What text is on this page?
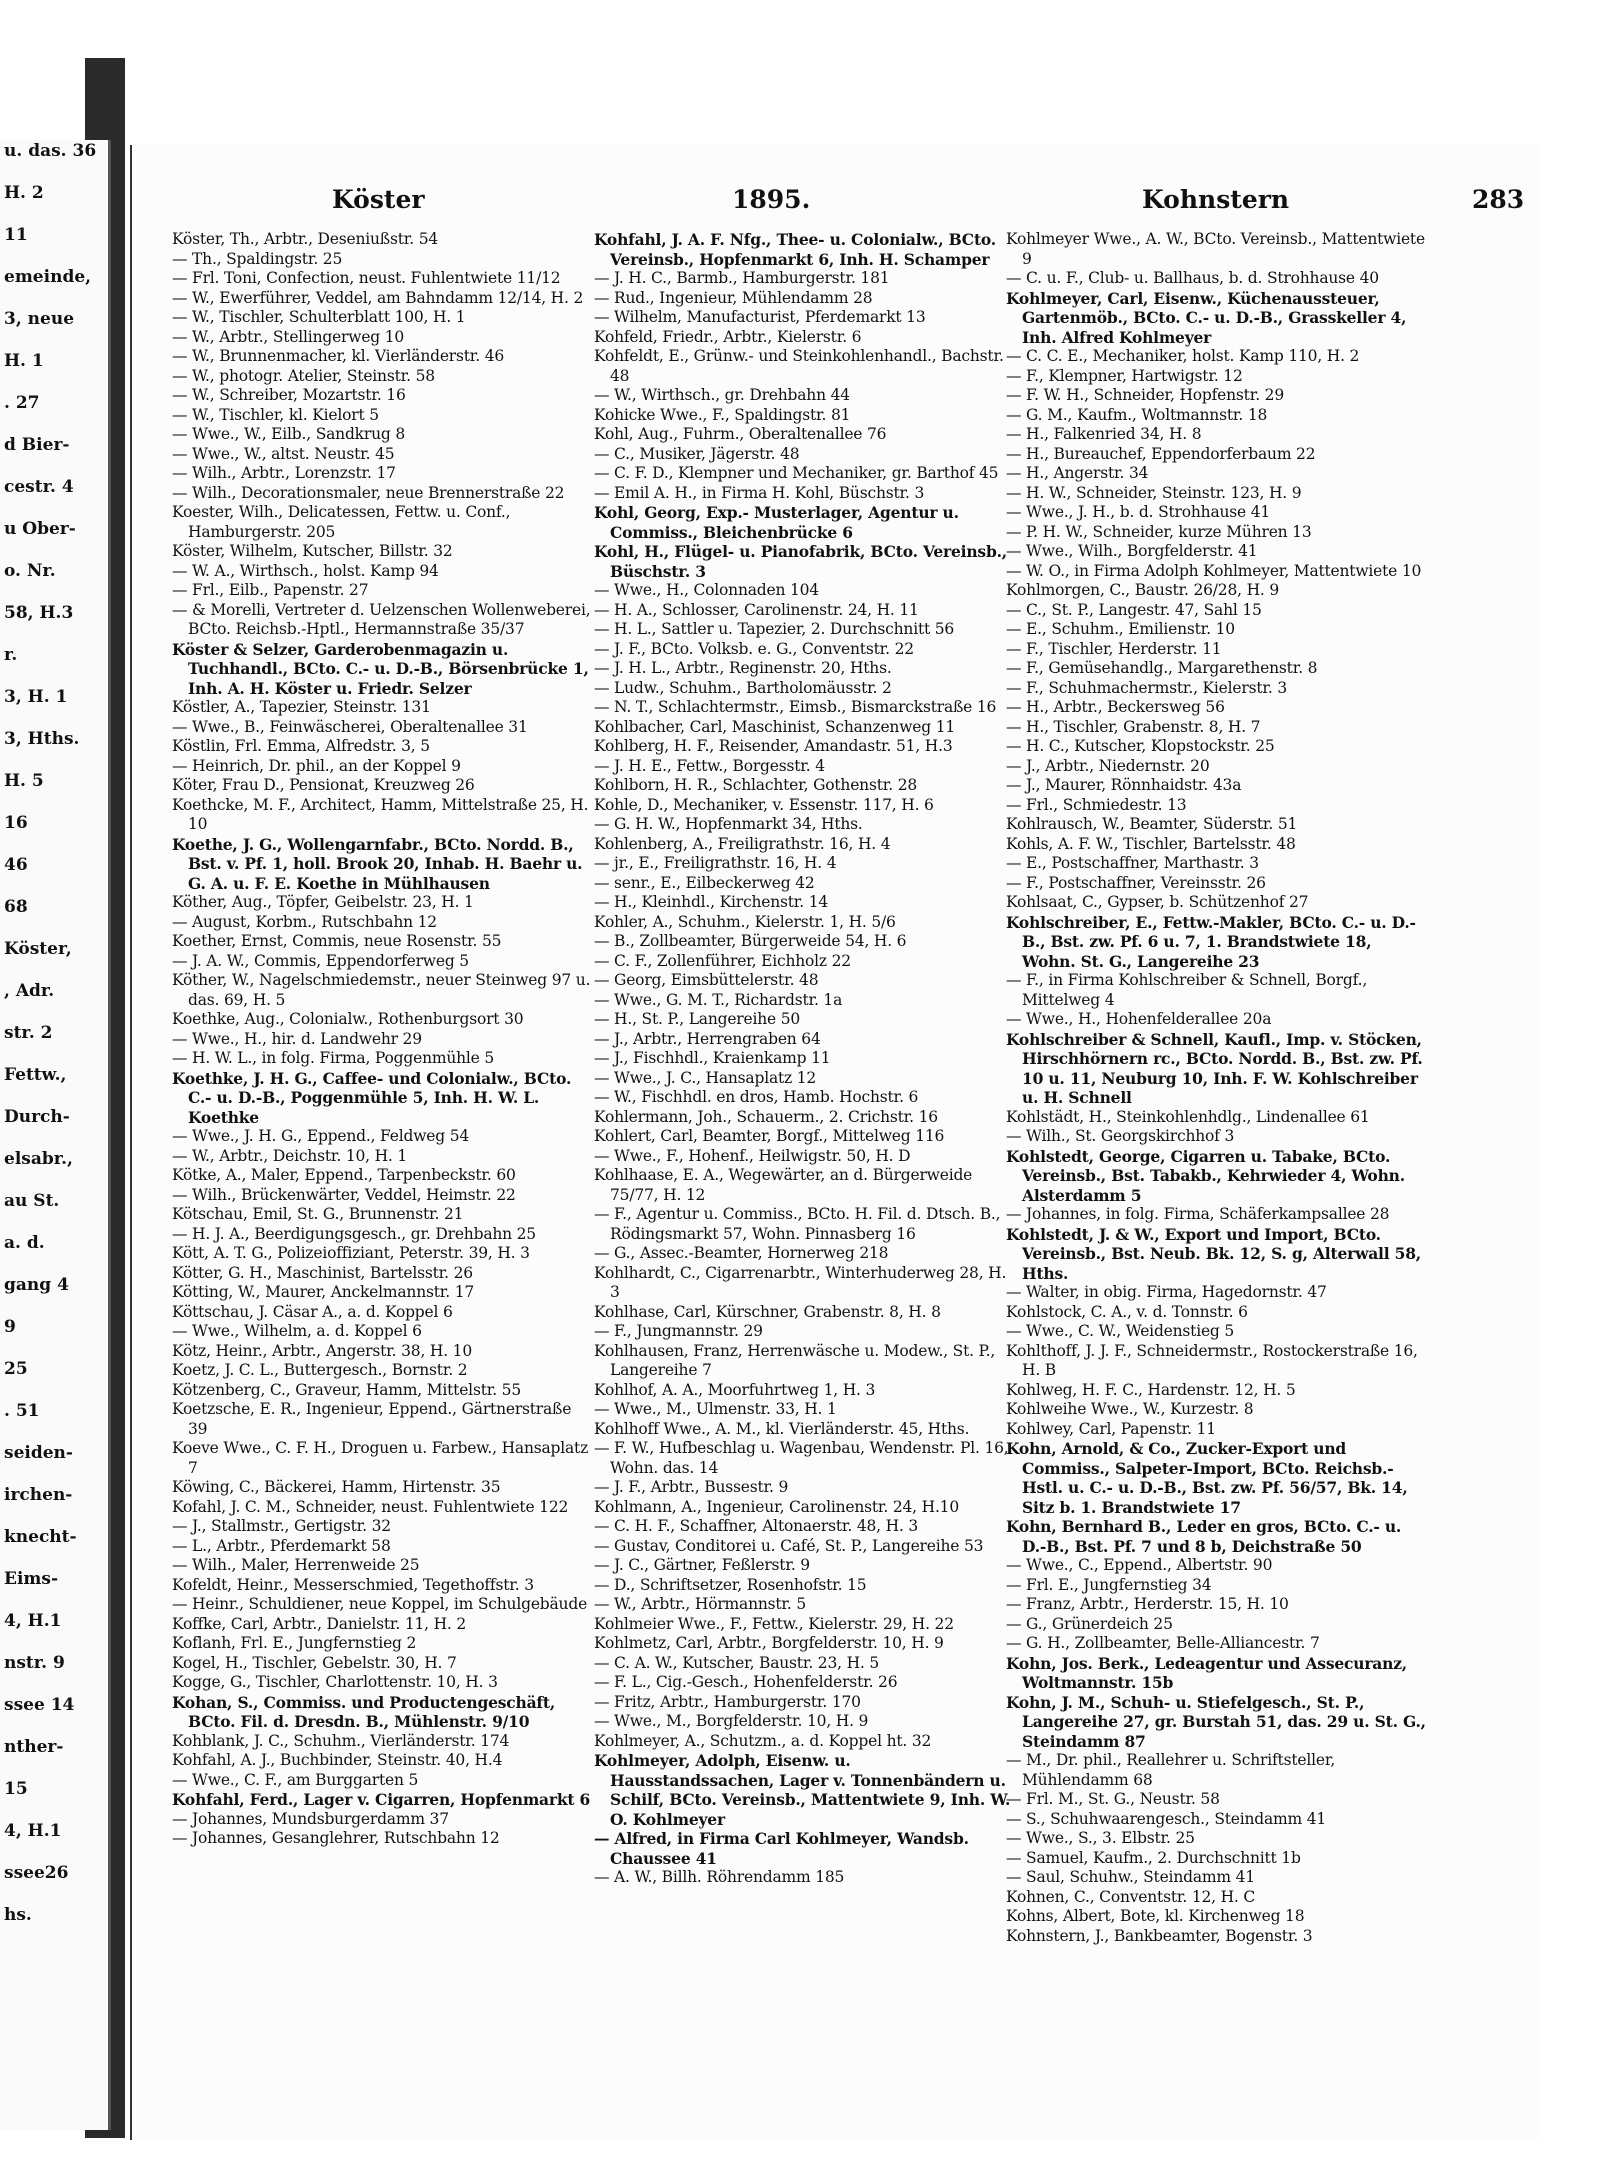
u. das. 36
H. 2
11
emeinde,
3, neue
H. 1
. 27
d Bier-
cestr. 4
u Ober-
o. Nr.
58, H.3
r.
3, H. 1
3, Hths.
H. 5
16
46
68
Köster,
, Adr.
str. 2
Fettw.,
Durch-
elsabr.,
au St.
a. d.
gang 4
9
25
. 51
seiden-
irchen-
knecht-
Eims-
4, H.1
nstr. 9
ssee 14
nther-
15
4, H.1
ssee26
hs.
Köster	1895.	Kohnstern	283
Köster, Th., Arbtr., Deseniußstr. 54
— Th., Spaldingstr. 25
— Frl. Toni, Confection, neust. Fuhlentwiete 11/12
— W., Ewerführer, Veddel, am Bahndamm 12/14, H. 2
— W., Tischler, Schulterblatt 100, H. 1
— W., Arbtr., Stellingerweg 10
— W., Brunnenmacher, kl. Vierländerstr. 46
— W., photogr. Atelier, Steinstr. 58
— W., Schreiber, Mozartstr. 16
— W., Tischler, kl. Kielort 5
— Wwe., W., Eilb., Sandkrug 8
— Wwe., W., altst. Neustr. 45
— Wilh., Arbtr., Lorenzstr. 17
— Wilh., Decorationsmaler, neue Brennerstraße 22
Koester, Wilh., Delicatessen, Fettw. u. Conf., Hamburgerstr. 205
Köster, Wilhelm, Kutscher, Billstr. 32
— W. A., Wirthsch., holst. Kamp 94
— Frl., Eilb., Papenstr. 27
— & Morelli, Vertreter d. Uelzenschen Wollenweberei, BCto. Reichsb.-Hptl., Hermannstraße 35/37
Köster & Selzer, Garderobenmagazin u. Tuchhandl., BCto. C.- u. D.-B., Börsenbrücke 1, Inh. A. H. Köster u. Friedr. Selzer
Köstler, A., Tapezier, Steinstr. 131
— Wwe., B., Feinwäscherei, Oberaltenallee 31
Köstlin, Frl. Emma, Alfredstr. 3, 5
— Heinrich, Dr. phil., an der Koppel 9
Köter, Frau D., Pensionat, Kreuzweg 26
Koethcke, M. F., Architect, Hamm, Mittelstraße 25, H. 10
Koethe, J. G., Wollengarnfabr., BCto. Nordd. B., Bst. v. Pf. 1, holl. Brook 20, Inhab. H. Baehr u. G. A. u. F. E. Koethe in Mühlhausen
Köther, Aug., Töpfer, Geibelstr. 23, H. 1
— August, Korbm., Rutschbahn 12
Koether, Ernst, Commis, neue Rosenstr. 55
— J. A. W., Commis, Eppendorferweg 5
Köther, W., Nagelschmiedemstr., neuer Steinweg 97 u. das. 69, H. 5
Koethke, Aug., Colonialw., Rothenburgsort 30
— Wwe., H., hir. d. Landwehr 29
— H. W. L., in folg. Firma, Poggenmühle 5
Koethke, J. H. G., Caffee- und Colonialw., BCto. C.- u. D.-B., Poggenmühle 5, Inh. H. W. L. Koethke
— Wwe., J. H. G., Eppend., Feldweg 54
— W., Arbtr., Deichstr. 10, H. 1
Kötke, A., Maler, Eppend., Tarpenbeckstr. 60
— Wilh., Brückenwärter, Veddel, Heimstr. 22
Kötschau, Emil, St. G., Brunnenstr. 21
— H. J. A., Beerdigungsgesch., gr. Drehbahn 25
Kött, A. T. G., Polizeioffiziant, Peterstr. 39, H. 3
Kötter, G. H., Maschinist, Bartelsstr. 26
Kötting, W., Maurer, Anckelmannstr. 17
Köttschau, J. Cäsar A., a. d. Koppel 6
— Wwe., Wilhelm, a. d. Koppel 6
Kötz, Heinr., Arbtr., Angerstr. 38, H. 10
Koetz, J. C. L., Buttergesch., Bornstr. 2
Kötzenberg, C., Graveur, Hamm, Mittelstr. 55
Koetzsche, E. R., Ingenieur, Eppend., Gärtnerstraße 39
Koeve Wwe., C. F. H., Droguen u. Farbew., Hansaplatz 7
Köwing, C., Bäckerei, Hamm, Hirtenstr. 35
Kofahl, J. C. M., Schneider, neust. Fuhlentwiete 122
— J., Stallmstr., Gertigstr. 32
— L., Arbtr., Pferdemarkt 58
— Wilh., Maler, Herrenweide 25
Kofeldt, Heinr., Messerschmied, Tegethoffstr. 3
— Heinr., Schuldiener, neue Koppel, im Schulgebäude
Koffke, Carl, Arbtr., Danielstr. 11, H. 2
Koflanh, Frl. E., Jungfernstieg 2
Kogel, H., Tischler, Gebelstr. 30, H. 7
Kogge, G., Tischler, Charlottenstr. 10, H. 3
Kohan, S., Commiss. und Productengeschäft, BCto. Fil. d. Dresdn. B., Mühlenstr. 9/10
Kohblank, J. C., Schuhm., Vierländerstr. 174
Kohfahl, A. J., Buchbinder, Steinstr. 40, H.4
— Wwe., C. F., am Burggarten 5
Kohfahl, Ferd., Lager v. Cigarren, Hopfenmarkt 6
— Johannes, Mundsburgerdamm 37
— Johannes, Gesanglehrer, Rutschbahn 12
Kohfahl, J. A. F. Nfg., Thee- u. Colonialw., BCto. Vereinsb., Hopfenmarkt 6, Inh. H. Schamper
— J. H. C., Barmb., Hamburgerstr. 181
— Rud., Ingenieur, Mühlendamm 28
— Wilhelm, Manufacturist, Pferdemarkt 13
Kohfeld, Friedr., Arbtr., Kielerstr. 6
Kohfeldt, E., Grünw.- und Steinkohlenhandl., Bachstr. 48
— W., Wirthsch., gr. Drehbahn 44
Kohicke Wwe., F., Spaldingstr. 81
Kohl, Aug., Fuhrm., Oberaltenallee 76
— C., Musiker, Jägerstr. 48
— C. F. D., Klempner und Mechaniker, gr. Barthof 45
— Emil A. H., in Firma H. Kohl, Büschstr. 3
Kohl, Georg, Exp.- Musterlager, Agentur u. Commiss., Bleichenbrücke 6
Kohl, H., Flügel- u. Pianofabrik, BCto. Vereinsb., Büschstr. 3
— Wwe., H., Colonnaden 104
— H. A., Schlosser, Carolinenstr. 24, H. 11
— H. L., Sattler u. Tapezier, 2. Durchschnitt 56
— J. F., BCto. Volksb. e. G., Conventstr. 22
— J. H. L., Arbtr., Reginenstr. 20, Hths.
— Ludw., Schuhm., Bartholomäusstr. 2
— N. T., Schlachtermstr., Eimsb., Bismarckstraße 16
Kohlbacher, Carl, Maschinist, Schanzenweg 11
Kohlberg, H. F., Reisender, Amandastr. 51, H.3
— J. H. E., Fettw., Borgesstr. 4
Kohlborn, H. R., Schlachter, Gothenstr. 28
Kohle, D., Mechaniker, v. Essenstr. 117, H. 6
— G. H. W., Hopfenmarkt 34, Hths.
Kohlenberg, A., Freiligrathstr. 16, H. 4
— jr., E., Freiligrathstr. 16, H. 4
— senr., E., Eilbeckerweg 42
— H., Kleinhdl., Kirchenstr. 14
Kohler, A., Schuhm., Kielerstr. 1, H. 5/6
— B., Zollbeamter, Bürgerweide 54, H. 6
— C. F., Zollenführer, Eichholz 22
— Georg, Eimsbüttelerstr. 48
— Wwe., G. M. T., Richardstr. 1a
— H., St. P., Langereihe 50
— J., Arbtr., Herrengraben 64
— J., Fischhdl., Kraienkamp 11
— Wwe., J. C., Hansaplatz 12
— W., Fischhdl. en dros, Hamb. Hochstr. 6
Kohlermann, Joh., Schauerm., 2. Crichstr. 16
Kohlert, Carl, Beamter, Borgf., Mittelweg 116
— Wwe., F., Hohenf., Heilwigstr. 50, H. D
Kohlhaase, E. A., Wegewärter, an d. Bürgerweide 75/77, H. 12
— F., Agentur u. Commiss., BCto. H. Fil. d. Dtsch. B., Rödingsmarkt 57, Wohn. Pinnasberg 16
— G., Assec.-Beamter, Hornerweg 218
Kohlhardt, C., Cigarrenarbtr., Winterhuderweg 28, H. 3
Kohlhase, Carl, Kürschner, Grabenstr. 8, H. 8
— F., Jungmannstr. 29
Kohlhausen, Franz, Herrenwäsche u. Modew., St. P., Langereihe 7
Kohlhof, A. A., Moorfuhrtweg 1, H. 3
— Wwe., M., Ulmenstr. 33, H. 1
Kohlhoff Wwe., A. M., kl. Vierländerstr. 45, Hths.
— F. W., Hufbeschlag u. Wagenbau, Wendenstr. Pl. 16, Wohn. das. 14
— J. F., Arbtr., Bussestr. 9
Kohlmann, A., Ingenieur, Carolinenstr. 24, H.10
— C. H. F., Schaffner, Altonaerstr. 48, H. 3
— Gustav, Conditorei u. Café, St. P., Langereihe 53
— J. C., Gärtner, Feßlerstr. 9
— D., Schriftsetzer, Rosenhofstr. 15
— W., Arbtr., Hörmannstr. 5
Kohlmeier Wwe., F., Fettw., Kielerstr. 29, H. 22
Kohlmetz, Carl, Arbtr., Borgfelderstr. 10, H. 9
— C. A. W., Kutscher, Baustr. 23, H. 5
— F. L., Cig.-Gesch., Hohenfelderstr. 26
— Fritz, Arbtr., Hamburgerstr. 170
— Wwe., M., Borgfelderstr. 10, H. 9
Kohlmeyer, A., Schutzm., a. d. Koppel ht. 32
Kohlmeyer, Adolph, Eisenw. u. Hausstandssachen, Lager v. Tonnenbändern u. Schilf, BCto. Vereinsb., Mattentwiete 9, Inh. W. O. Kohlmeyer
— Alfred, in Firma Carl Kohlmeyer, Wandsb. Chaussee 41
— A. W., Billh. Röhrendamm 185
Kohlmeyer Wwe., A. W., BCto. Vereinsb., Mattentwiete 9
— C. u. F., Club- u. Ballhaus, b. d. Strohhause 40
Kohlmeyer, Carl, Eisenw., Küchenaussteuer, Gartenmöb., BCto. C.- u. D.-B., Grasskeller 4, Inh. Alfred Kohlmeyer
— C. C. E., Mechaniker, holst. Kamp 110, H. 2
— F., Klempner, Hartwigstr. 12
— F. W. H., Schneider, Hopfenstr. 29
— G. M., Kaufm., Woltmannstr. 18
— H., Falkenried 34, H. 8
— H., Bureauchef, Eppendorferbaum 22
— H., Angerstr. 34
— H. W., Schneider, Steinstr. 123, H. 9
— Wwe., J. H., b. d. Strohhause 41
— P. H. W., Schneider, kurze Mühren 13
— Wwe., Wilh., Borgfelderstr. 41
— W. O., in Firma Adolph Kohlmeyer, Mattentwiete 10
Kohlmorgen, C., Baustr. 26/28, H. 9
— C., St. P., Langestr. 47, Sahl 15
— E., Schuhm., Emilienstr. 10
— F., Tischler, Herderstr. 11
— F., Gemüsehandlg., Margarethenstr. 8
— F., Schuhmachermstr., Kielerstr. 3
— H., Arbtr., Beckersweg 56
— H., Tischler, Grabenstr. 8, H. 7
— H. C., Kutscher, Klopstockstr. 25
— J., Arbtr., Niedernstr. 20
— J., Maurer, Rönnhaidstr. 43a
— Frl., Schmiedestr. 13
Kohlrausch, W., Beamter, Süderstr. 51
Kohls, A. F. W., Tischler, Bartelsstr. 48
— E., Postschaffner, Marthastr. 3
— F., Postschaffner, Vereinsstr. 26
Kohlsaat, C., Gypser, b. Schützenhof 27
Kohlschreiber, E., Fettw.-Makler, BCto. C.- u. D.-B., Bst. zw. Pf. 6 u. 7, 1. Brandstwiete 18, Wohn. St. G., Langereihe 23
— F., in Firma Kohlschreiber & Schnell, Borgf., Mittelweg 4
— Wwe., H., Hohenfelderallee 20a
Kohlschreiber & Schnell, Kaufl., Imp. v. Stöcken, Hirschhörnern rc., BCto. Nordd. B., Bst. zw. Pf. 10 u. 11, Neuburg 10, Inh. F. W. Kohlschreiber u. H. Schnell
Kohlstädt, H., Steinkohlenhdlg., Lindenallee 61
— Wilh., St. Georgskirchhof 3
Kohlstedt, George, Cigarren u. Tabake, BCto. Vereinsb., Bst. Tabakb., Kehrwieder 4, Wohn. Alsterdamm 5
— Johannes, in folg. Firma, Schäferkampsallee 28
Kohlstedt, J. & W., Export und Import, BCto. Vereinsb., Bst. Neub. Bk. 12, S. g, Alterwall 58, Hths.
— Walter, in obig. Firma, Hagedornstr. 47
Kohlstock, C. A., v. d. Tonnstr. 6
— Wwe., C. W., Weidenstieg 5
Kohlthoff, J. J. F., Schneidermstr., Rostockerstraße 16, H. B
Kohlweg, H. F. C., Hardenstr. 12, H. 5
Kohlweihe Wwe., W., Kurzestr. 8
Kohlwey, Carl, Papenstr. 11
Kohn, Arnold, & Co., Zucker-Export und Commiss., Salpeter-Import, BCto. Reichsb.-Hstl. u. C.- u. D.-B., Bst. zw. Pf. 56/57, Bk. 14, Sitz b. 1. Brandstwiete 17
Kohn, Bernhard B., Leder en gros, BCto. C.- u. D.-B., Bst. Pf. 7 und 8 b, Deichstraße 50
— Wwe., C., Eppend., Albertstr. 90
— Frl. E., Jungfernstieg 34
— Franz, Arbtr., Herderstr. 15, H. 10
— G., Grünerdeich 25
— G. H., Zollbeamter, Belle-Alliancestr. 7
Kohn, Jos. Berk., Ledeagentur und Assecuranz, Woltmannstr. 15b
Kohn, J. M., Schuh- u. Stiefelgesch., St. P., Langereihe 27, gr. Burstah 51, das. 29 u. St. G., Steindamm 87
— M., Dr. phil., Reallehrer u. Schriftsteller, Mühlendamm 68
— Frl. M., St. G., Neustr. 58
— S., Schuhwaarengesch., Steindamm 41
— Wwe., S., 3. Elbstr. 25
— Samuel, Kaufm., 2. Durchschnitt 1b
— Saul, Schuhw., Steindamm 41
Kohnen, C., Conventstr. 12, H. C
Kohns, Albert, Bote, kl. Kirchenweg 18
Kohnstern, J., Bankbeamter, Bogenstr. 3
